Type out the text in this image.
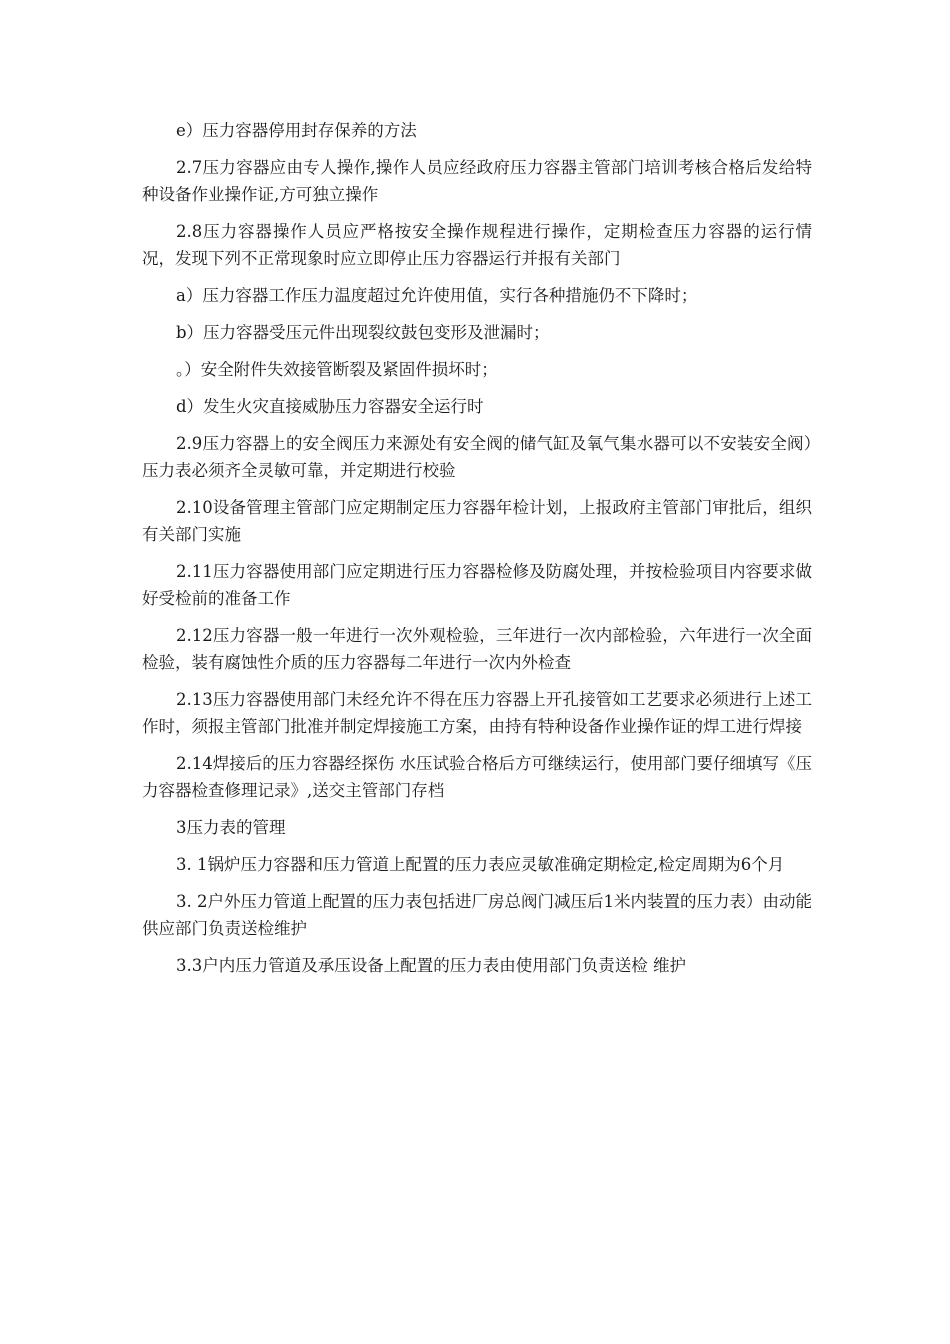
e）压力容器停用封存保养的方法

2.7压力容器应由专人操作,操作人员应经政府压力容器主管部门培训考核合格后发给特种设备作业操作证,方可独立操作

2.8压力容器操作人员应严格按安全操作规程进行操作，定期检查压力容器的运行情况，发现下列不正常现象时应立即停止压力容器运行并报有关部门

a）压力容器工作压力温度超过允许使用值，实行各种措施仍不下降时；

b）压力容器受压元件出现裂纹鼓包变形及泄漏时；

。）安全附件失效接管断裂及紧固件损坏时；

d）发生火灾直接威胁压力容器安全运行时

2.9压力容器上的安全阀压力来源处有安全阀的储气缸及氧气集水器可以不安装安全阀）压力表必须齐全灵敏可靠，并定期进行校验

2.10设备管理主管部门应定期制定压力容器年检计划，上报政府主管部门审批后，组织有关部门实施

2.11压力容器使用部门应定期进行压力容器检修及防腐处理，并按检验项目内容要求做好受检前的准备工作

2.12压力容器一般一年进行一次外观检验，三年进行一次内部检验，六年进行一次全面检验，装有腐蚀性介质的压力容器每二年进行一次内外检查

2.13压力容器使用部门未经允许不得在压力容器上开孔接管如工艺要求必须进行上述工作时，须报主管部门批准并制定焊接施工方案，由持有特种设备作业操作证的焊工进行焊接

2.14焊接后的压力容器经探伤 水压试验合格后方可继续运行，使用部门要仔细填写《压力容器检查修理记录》,送交主管部门存档

3压力表的管理

3. 1锅炉压力容器和压力管道上配置的压力表应灵敏准确定期检定,检定周期为6个月

3. 2户外压力管道上配置的压力表包括进厂房总阀门减压后1米内装置的压力表）由动能供应部门负责送检维护

3.3户内压力管道及承压设备上配置的压力表由使用部门负责送检 维护
